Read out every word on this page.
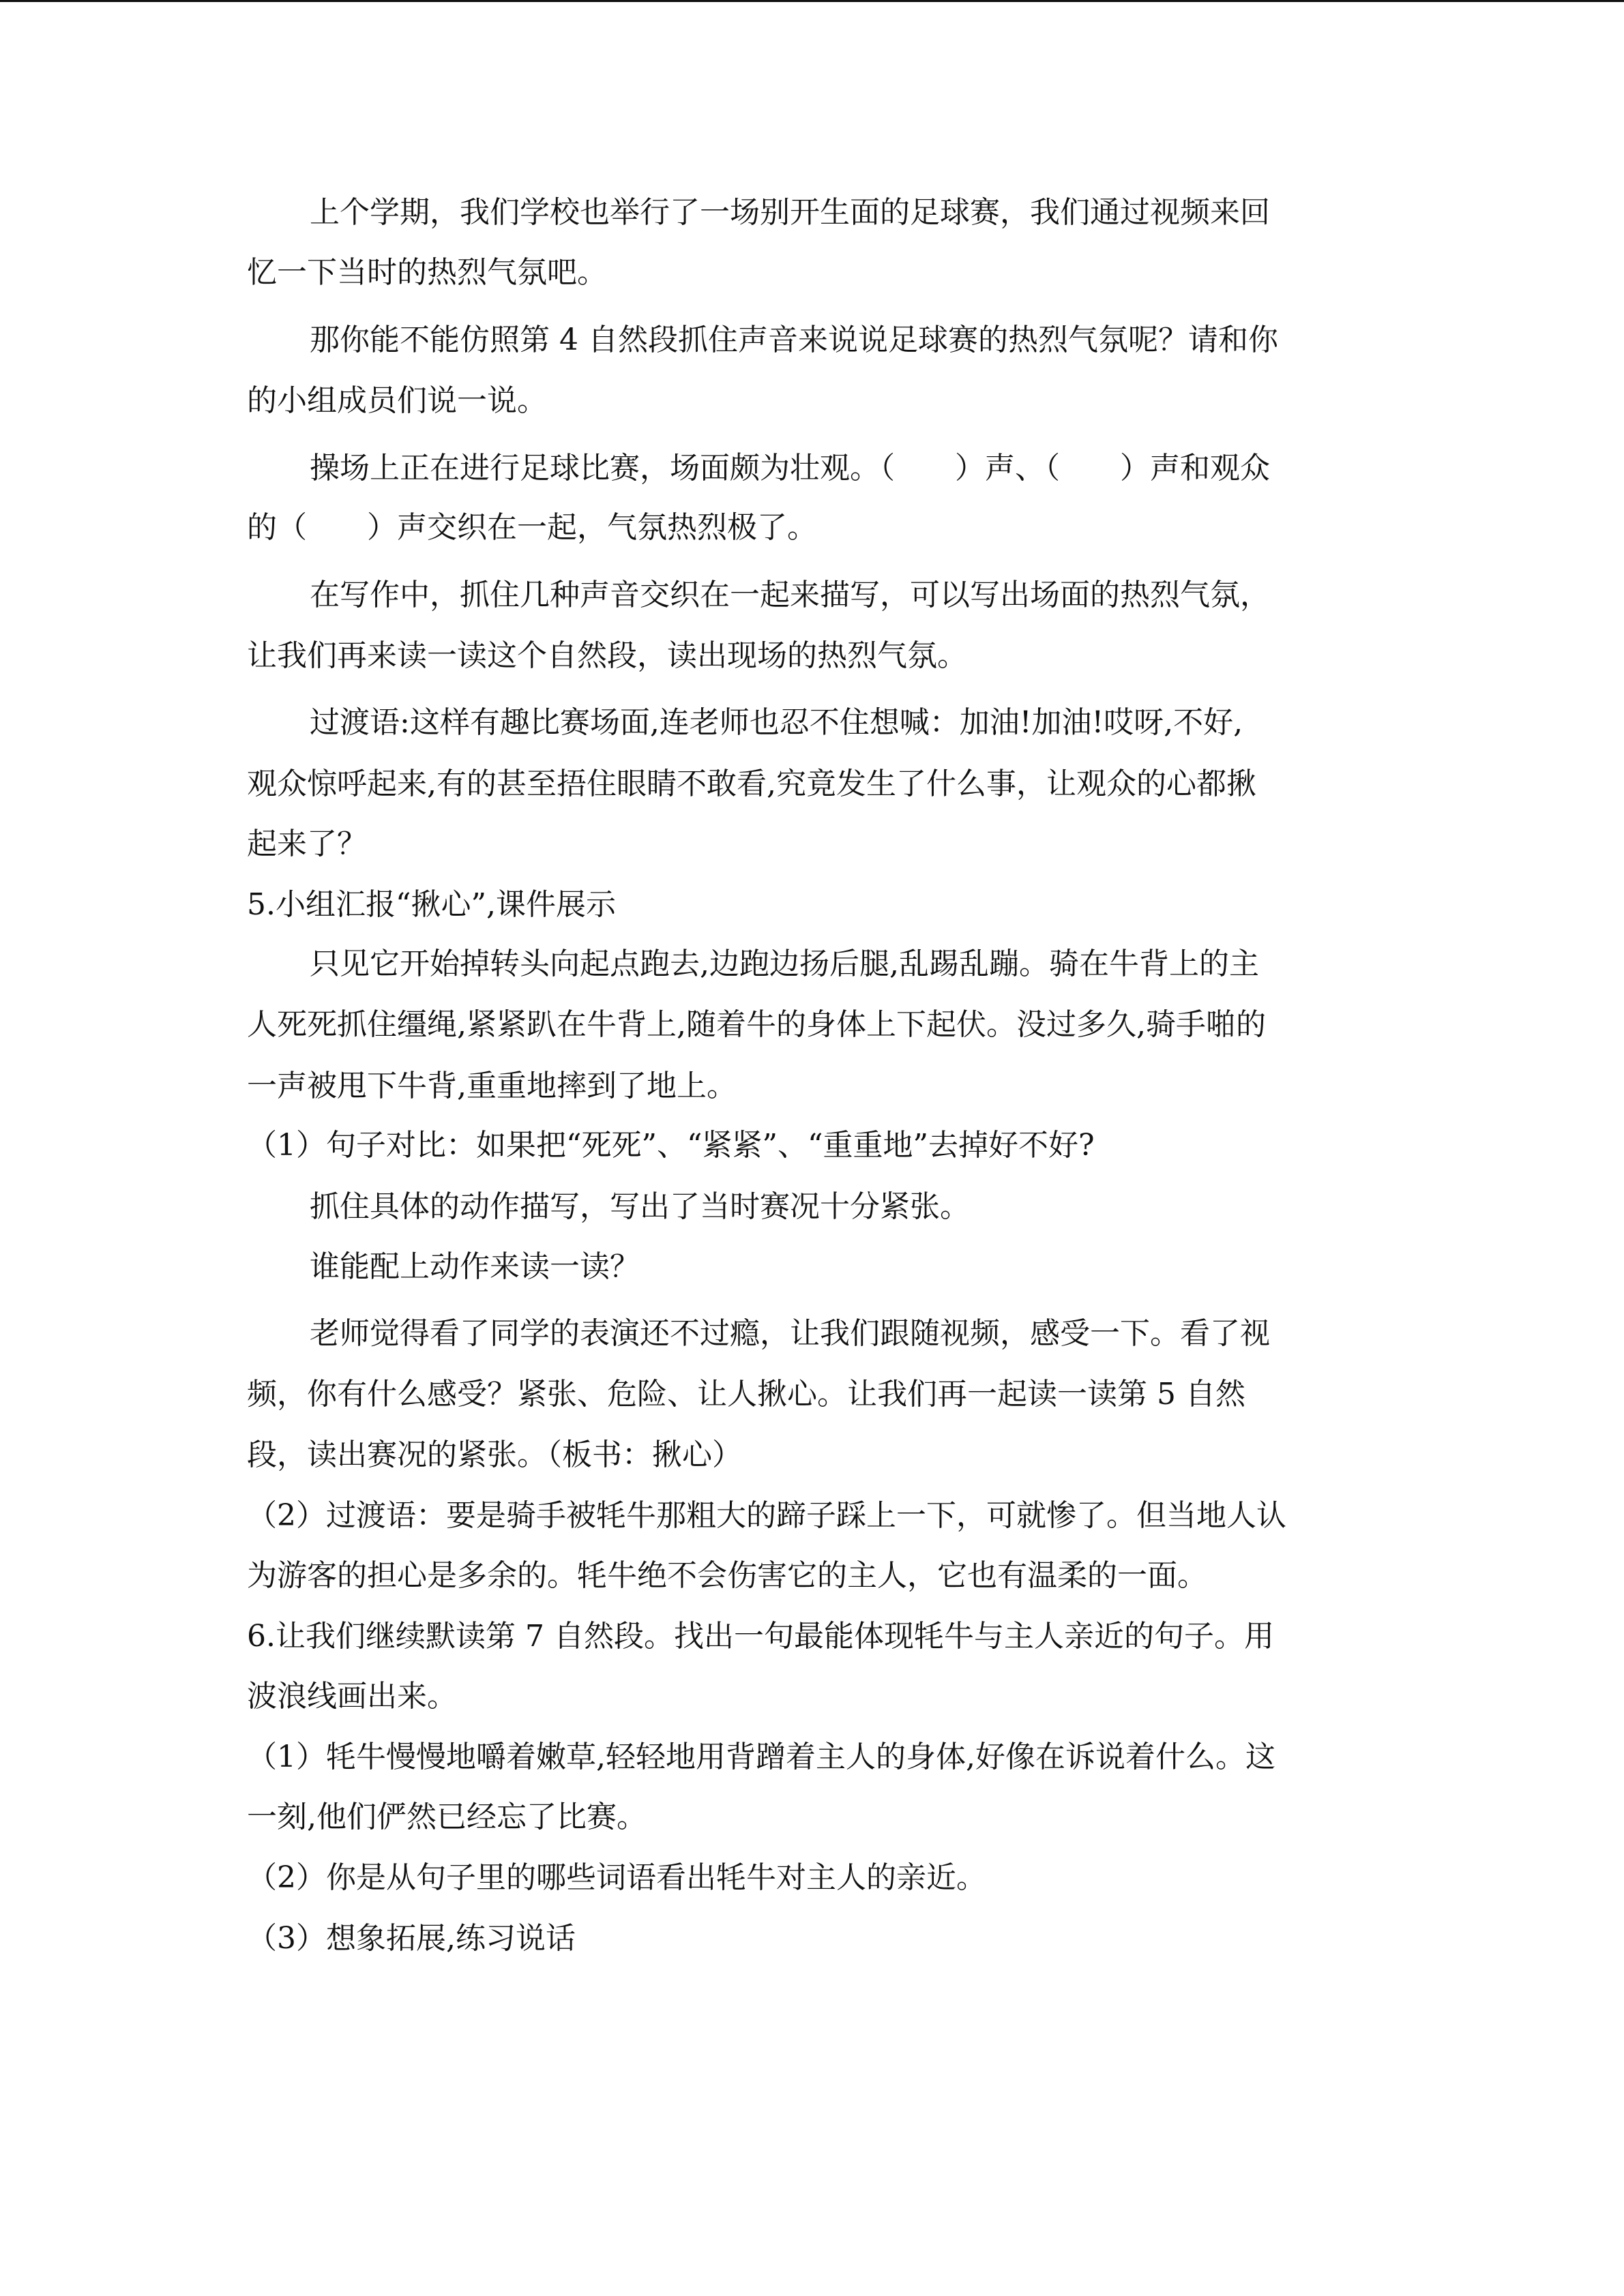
上个学期，我们学校也举行了一场别开生面的足球赛，我们通过视频来回
忆一下当时的热烈气氛吧。
那你能不能仿照第 4 自然段抓住声音来说说足球赛的热烈气氛呢？请和你
的小组成员们说一说。
操场上正在进行足球比赛，场面颇为壮观。（　　）声、（　　）声和观众
的（　　）声交织在一起，气氛热烈极了。
在写作中，抓住几种声音交织在一起来描写，可以写出场面的热烈气氛，
让我们再来读一读这个自然段，读出现场的热烈气氛。
过渡语:这样有趣比赛场面,连老师也忍不住想喊：加油!加油!哎呀,不好,
观众惊呼起来,有的甚至捂住眼睛不敢看,究竟发生了什么事，让观众的心都揪
起来了？
5.小组汇报“揪心”,课件展示
只见它开始掉转头向起点跑去,边跑边扬后腿,乱踢乱蹦。骑在牛背上的主
人死死抓住缰绳,紧紧趴在牛背上,随着牛的身体上下起伏。没过多久,骑手啪的
一声被甩下牛背,重重地摔到了地上。
（1）句子对比：如果把“死死”、“紧紧”、“重重地”去掉好不好?
抓住具体的动作描写，写出了当时赛况十分紧张。
谁能配上动作来读一读？
老师觉得看了同学的表演还不过瘾，让我们跟随视频，感受一下。看了视
频，你有什么感受？紧张、危险、让人揪心。让我们再一起读一读第 5 自然
段，读出赛况的紧张。（板书：揪心）
（2）过渡语：要是骑手被牦牛那粗大的蹄子踩上一下，可就惨了。但当地人认
为游客的担心是多余的。牦牛绝不会伤害它的主人，它也有温柔的一面。
6.让我们继续默读第 7 自然段。找出一句最能体现牦牛与主人亲近的句子。用
波浪线画出来。
（1）牦牛慢慢地嚼着嫩草,轻轻地用背蹭着主人的身体,好像在诉说着什么。这
一刻,他们俨然已经忘了比赛。
（2）你是从句子里的哪些词语看出牦牛对主人的亲近。
（3）想象拓展,练习说话
